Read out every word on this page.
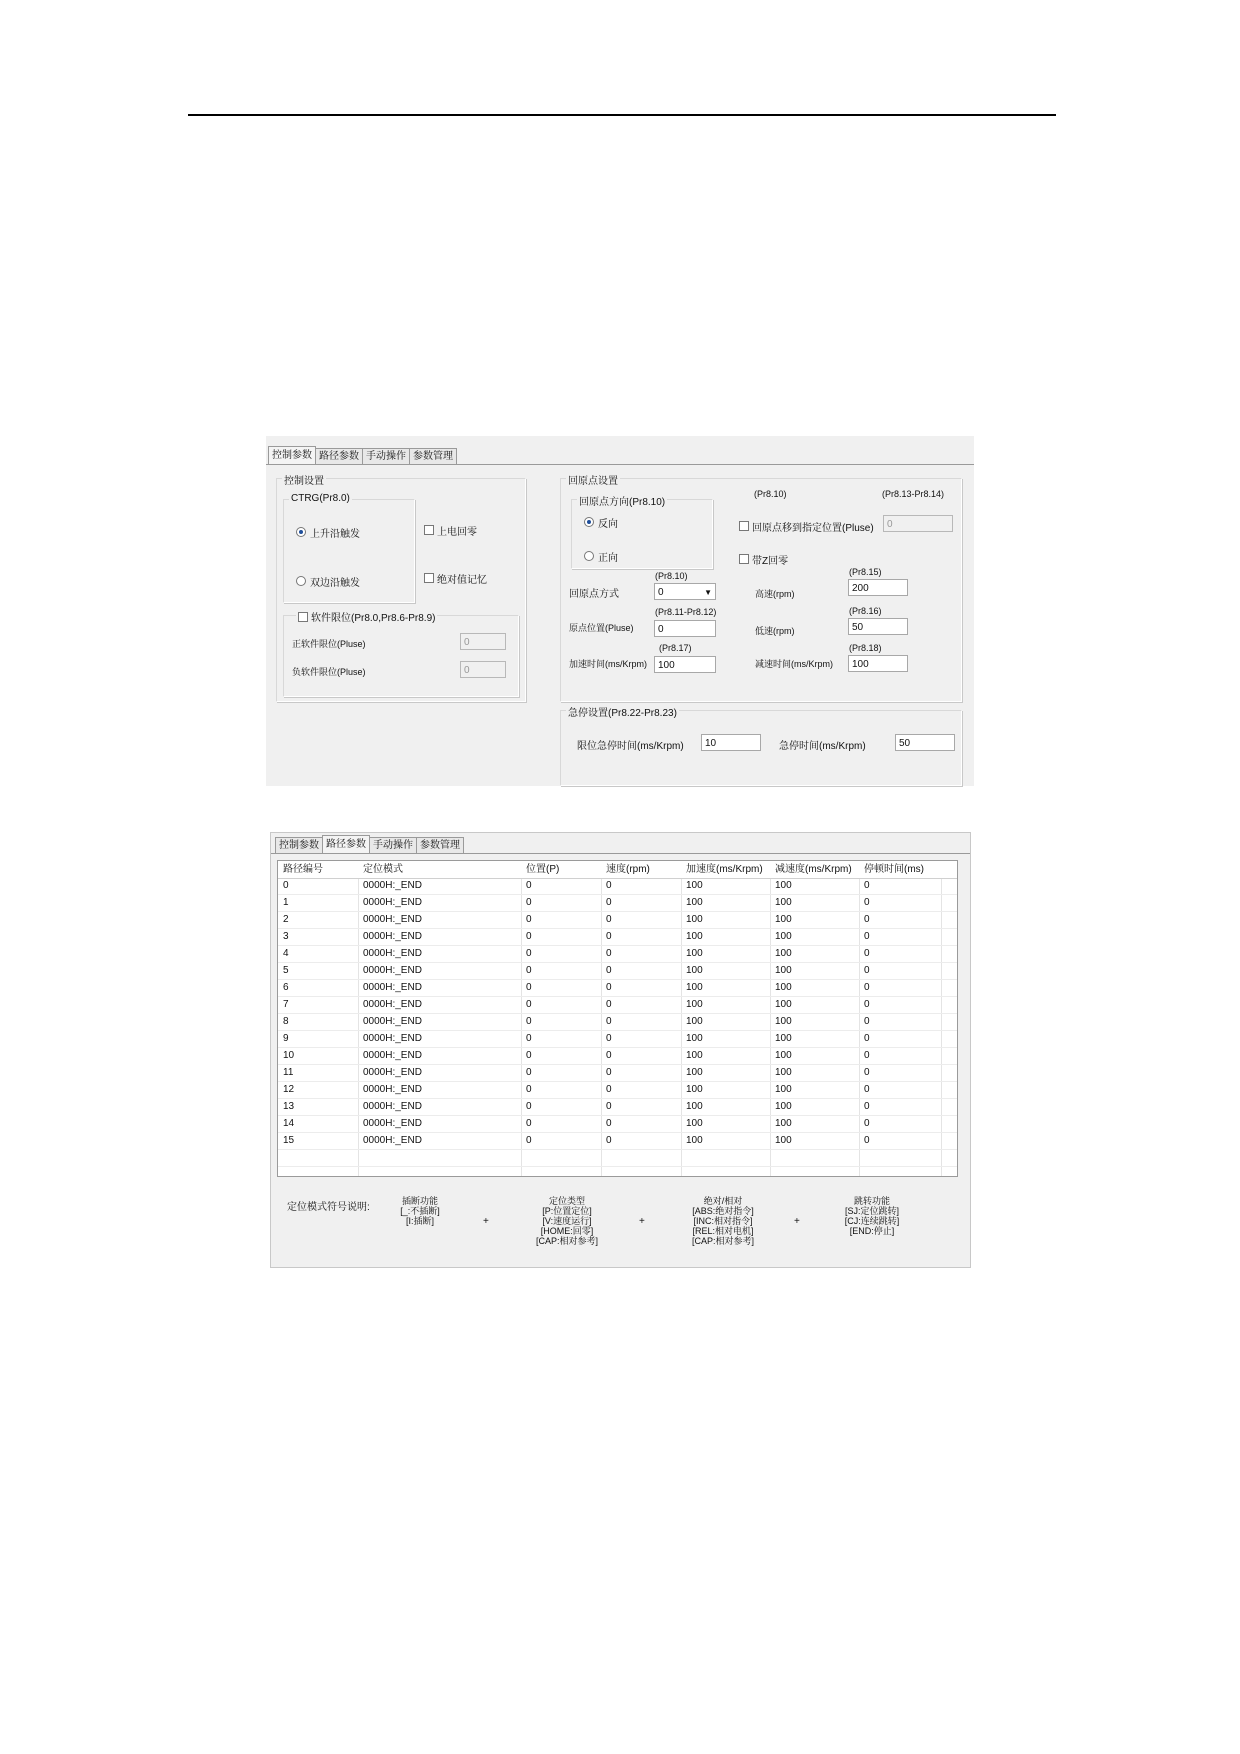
控制参数 路径参数 手动操作 参数管理
控制设置
CTRG(Pr8.0)
上升沿触发
双边沿触发
上电回零
绝对值记忆
软件限位(Pr8.0,Pr8.6-Pr8.9)
正软件限位(Pluse)	0
负软件限位(Pluse)	0
回原点设置
回原点方向(Pr8.10)
反向
正向
(Pr8.10)	(Pr8.13-Pr8.14)
回原点移到指定位置(Pluse)	0
带Z回零
回原点方式
(Pr8.10)
0	▼
原点位置(Pluse)
(Pr8.11-Pr8.12)
0
加速时间(ms/Krpm)
(Pr8.17)
100
高速(rpm)
(Pr8.15)
200
低速(rpm)
(Pr8.16)
50
减速时间(ms/Krpm)
(Pr8.18)
100
急停设置(Pr8.22-Pr8.23)
限位急停时间(ms/Krpm)	10	急停时间(ms/Krpm)	50
控制参数 路径参数 手动操作 参数管理
路径编号	定位模式	位置(P)	速度(rpm)	加速度(ms/Krpm)	减速度(ms/Krpm)	停顿时间(ms)
0	0000H:_END	0	0	100	100	0
1	0000H:_END	0	0	100	100	0
2	0000H:_END	0	0	100	100	0
3	0000H:_END	0	0	100	100	0
4	0000H:_END	0	0	100	100	0
5	0000H:_END	0	0	100	100	0
6	0000H:_END	0	0	100	100	0
7	0000H:_END	0	0	100	100	0
8	0000H:_END	0	0	100	100	0
9	0000H:_END	0	0	100	100	0
10	0000H:_END	0	0	100	100	0
11	0000H:_END	0	0	100	100	0
12	0000H:_END	0	0	100	100	0
13	0000H:_END	0	0	100	100	0
14	0000H:_END	0	0	100	100	0
15	0000H:_END	0	0	100	100	0
定位模式符号说明:
插断功能
[_:不插断]
[I:插断]	+
定位类型
[P:位置定位]
[V:速度运行]
[HOME:回零]
[CAP:相对参考]
+
绝对/相对
[ABS:绝对指令]
[INC:相对指令]
[REL:相对电机]
[CAP:相对参考]
+
跳转功能
[SJ:定位跳转]
[CJ:连续跳转]
[END:停止]
